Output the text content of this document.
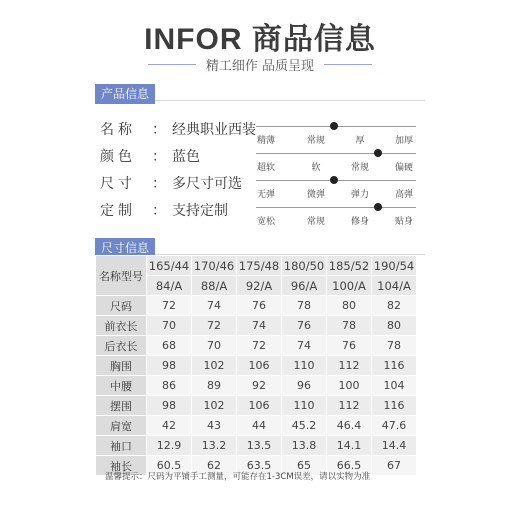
INFOR 商品信息
精工细作 品质呈现
产品信息
名称	： 经典职业西装
颜色	： 蓝色
尺寸	： 多尺寸可选
定制	： 支持定制
精薄	常规	厚	加厚
超软	软	常规	偏硬
无弹	微弹	弹力	高弹
宽松	常规	修身	贴身
尺寸信息
名称型号	165/44	170/46	175/48	180/50	185/52	190/54
	84/A	88/A	92/A	96/A	100/A	104/A
尺码	72	74	76	78	80	82
前衣长	70	72	74	76	78	80
后衣长	68	70	72	74	76	78
胸围	98	102	106	110	112	116
中腰	86	89	92	96	100	104
摆围	98	102	106	110	112	116
肩宽	42	43	44	45.2	46.4	47.6
袖口	12.9	13.2	13.5	13.8	14.1	14.4
袖长	60.5	62	63.5	65	66.5	67
温馨提示：尺码为平铺手工测量，可能存在1-3CM误差，请以实物为准
